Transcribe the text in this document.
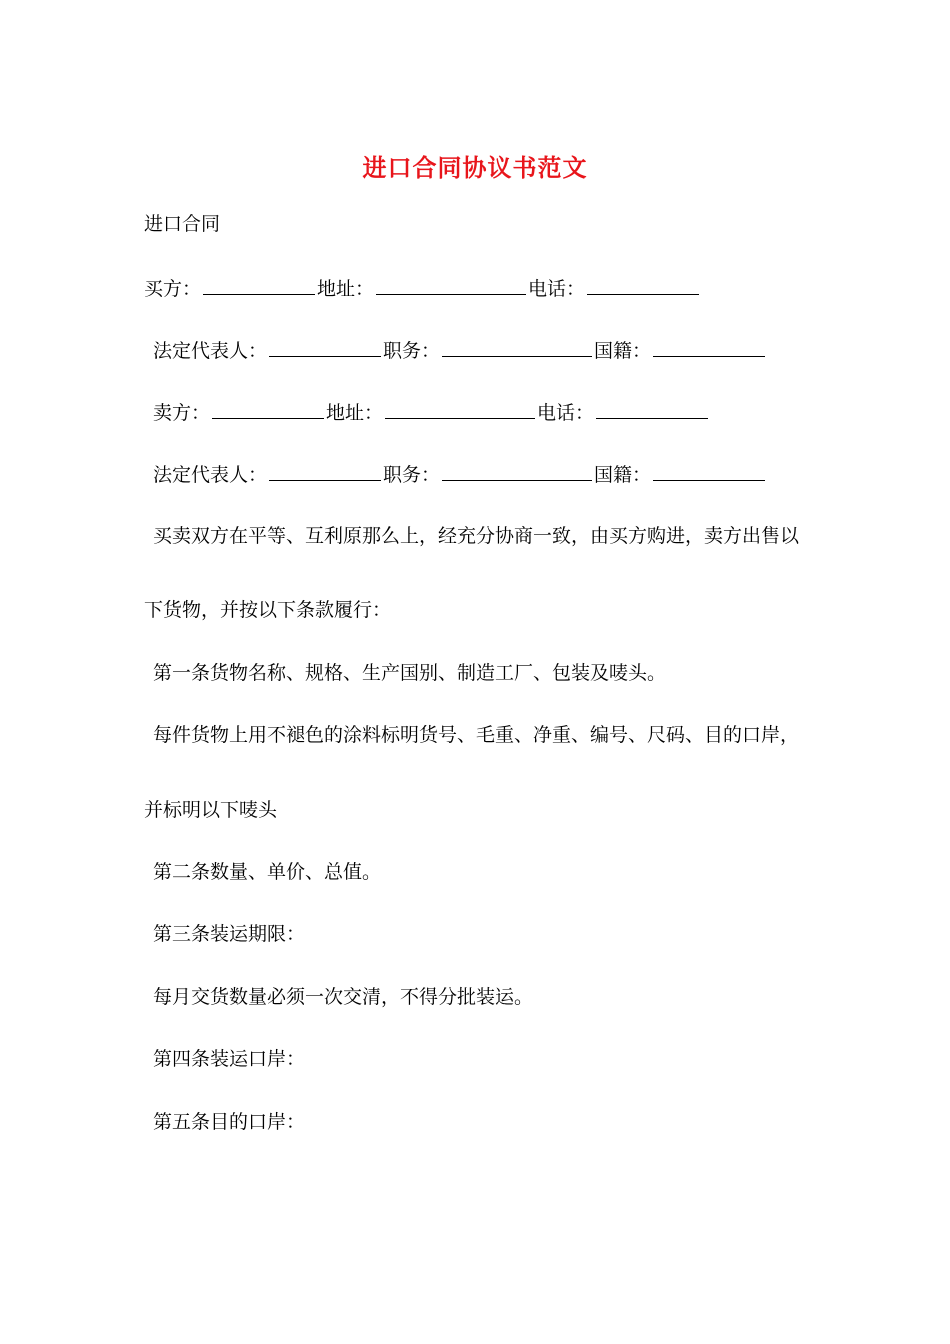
进口合同协议书范文
进口合同
买方：	地址：	电话：
法定代表人：	职务：	国籍：
卖方：	地址：	电话：
法定代表人：	职务：	国籍：
买卖双方在平等、互利原那么上，经充分协商一致，由买方购进，卖方出售以
下货物，并按以下条款履行：
第一条货物名称、规格、生产国别、制造工厂、包装及唛头。
每件货物上用不褪色的涂料标明货号、毛重、净重、编号、尺码、目的口岸，
并标明以下唛头
第二条数量、单价、总值。
第三条装运期限：
每月交货数量必须一次交清，不得分批装运。
第四条装运口岸：
第五条目的口岸：
